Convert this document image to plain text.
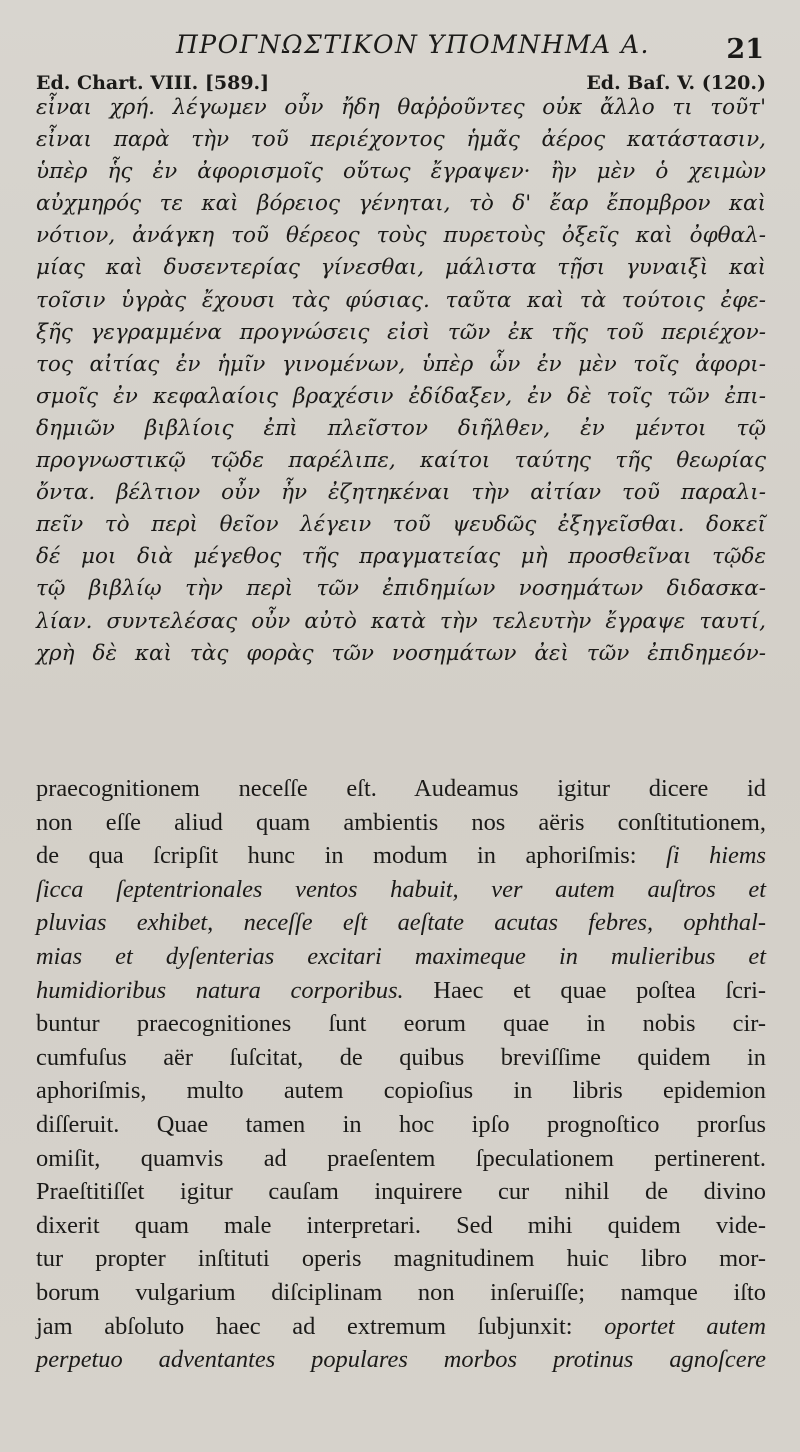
ΠΡΟΓΝΩΣΤΙΚΟΝ ΥΠΟΜΝΗΜΑ Α.	21
Ed. Chart. VIII. [589.]	Ed. Baſ. V. (120.)
εἶναι χρή. λέγωμεν οὖν ἤδη θαῤῥοῦντες οὐκ ἄλλο τι τοῦτ'
εἶναι παρὰ τὴν τοῦ περιέχοντος ἡμᾶς ἀέρος κατάστασιν,
ὑπὲρ ἧς ἐν ἀφορισμοῖς οὕτως ἔγραψεν· ἢν μὲν ὁ χειμὼν
αὐχμηρός τε καὶ βόρειος γένηται, τὸ δ' ἔαρ ἔπομβρον καὶ
νότιον, ἀνάγκη τοῦ θέρεος τοὺς πυρετοὺς ὀξεῖς καὶ ὀφθαλ-
μίας καὶ δυσεντερίας γίνεσθαι, μάλιστα τῇσι γυναιξὶ καὶ
τοῖσιν ὑγρὰς ἔχουσι τὰς φύσιας. ταῦτα καὶ τὰ τούτοις ἐφε-
ξῆς γεγραμμένα προγνώσεις εἰσὶ τῶν ἐκ τῆς τοῦ περιέχον-
τος αἰτίας ἐν ἡμῖν γινομένων, ὑπὲρ ὧν ἐν μὲν τοῖς ἀφορι-
σμοῖς ἐν κεφαλαίοις βραχέσιν ἐδίδαξεν, ἐν δὲ τοῖς τῶν ἐπι-
δημιῶν βιβλίοις ἐπὶ πλεῖστον διῆλθεν, ἐν μέντοι τῷ
προγνωστικῷ τῷδε παρέλιπε, καίτοι ταύτης τῆς θεωρίας
ὄντα. βέλτιον οὖν ἦν ἐζητηκέναι τὴν αἰτίαν τοῦ παραλι-
πεῖν τὸ περὶ θεῖον λέγειν τοῦ ψευδῶς ἐξηγεῖσθαι. δοκεῖ
δέ μοι διὰ μέγεθος τῆς πραγματείας μὴ προσθεῖναι τῷδε
τῷ βιβλίῳ τὴν περὶ τῶν ἐπιδημίων νοσημάτων διδασκα-
λίαν. συντελέσας οὖν αὐτὸ κατὰ τὴν τελευτὴν ἔγραψε ταυτί,
χρὴ δὲ καὶ τὰς φορὰς τῶν νοσημάτων ἀεὶ τῶν ἐπιδημεόν-
praecognitionem neceſſe eſt. Audeamus igitur dicere id
non eſſe aliud quam ambientis nos aëris conſtitutionem,
de qua ſcripſit hunc in modum in aphoriſmis: ſi hiems
ſicca ſeptentrionales ventos habuit, ver autem auſtros et
pluvias exhibet, neceſſe eſt aeſtate acutas febres, ophthal-
mias et dyſenterias excitari maximeque in mulieribus et
humidioribus natura corporibus. Haec et quae poſtea ſcri-
buntur praecognitiones ſunt eorum quae in nobis cir-
cumfuſus aër ſuſcitat, de quibus breviſſime quidem in
aphoriſmis, multo autem copioſius in libris epidemion
diſſeruit. Quae tamen in hoc ipſo prognoſtico prorſus
omiſit, quamvis ad praeſentem ſpeculationem pertinerent.
Praeſtitiſſet igitur cauſam inquirere cur nihil de divino
dixerit quam male interpretari. Sed mihi quidem vide-
tur propter inſtituti operis magnitudinem huic libro mor-
borum vulgarium diſciplinam non inſeruiſſe; namque iſto
jam abſoluto haec ad extremum ſubjunxit: oportet autem
perpetuo adventantes populares morbos protinus agnoſcere
